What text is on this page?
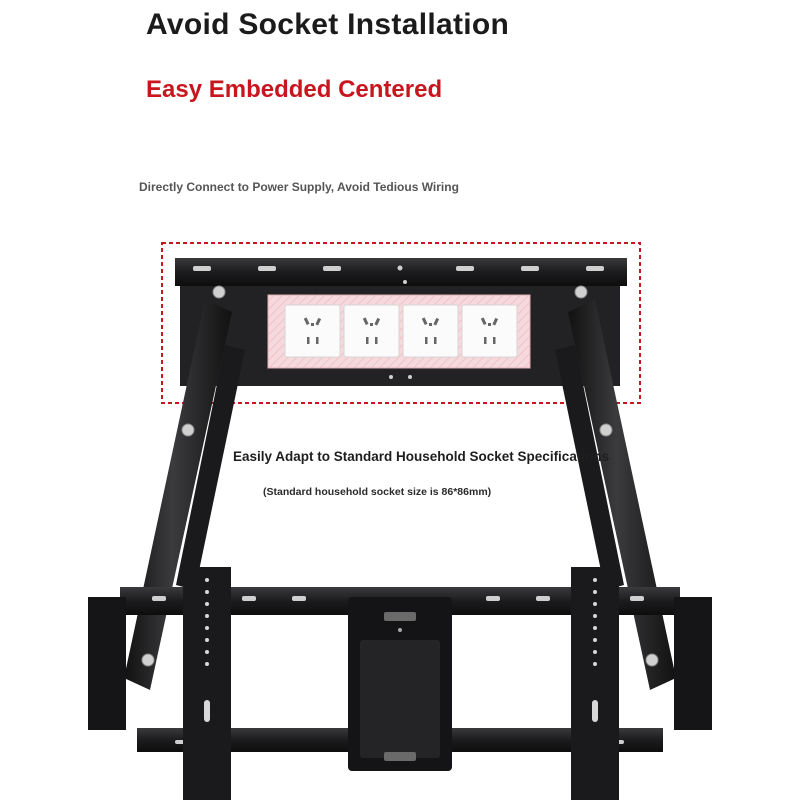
Avoid Socket Installation
Easy Embedded Centered

Directly Connect to Power Supply, Avoid Tedious Wiring

Easily Adapt to Standard Household Socket Specifications

(Standard household socket size is 86*86mm)
